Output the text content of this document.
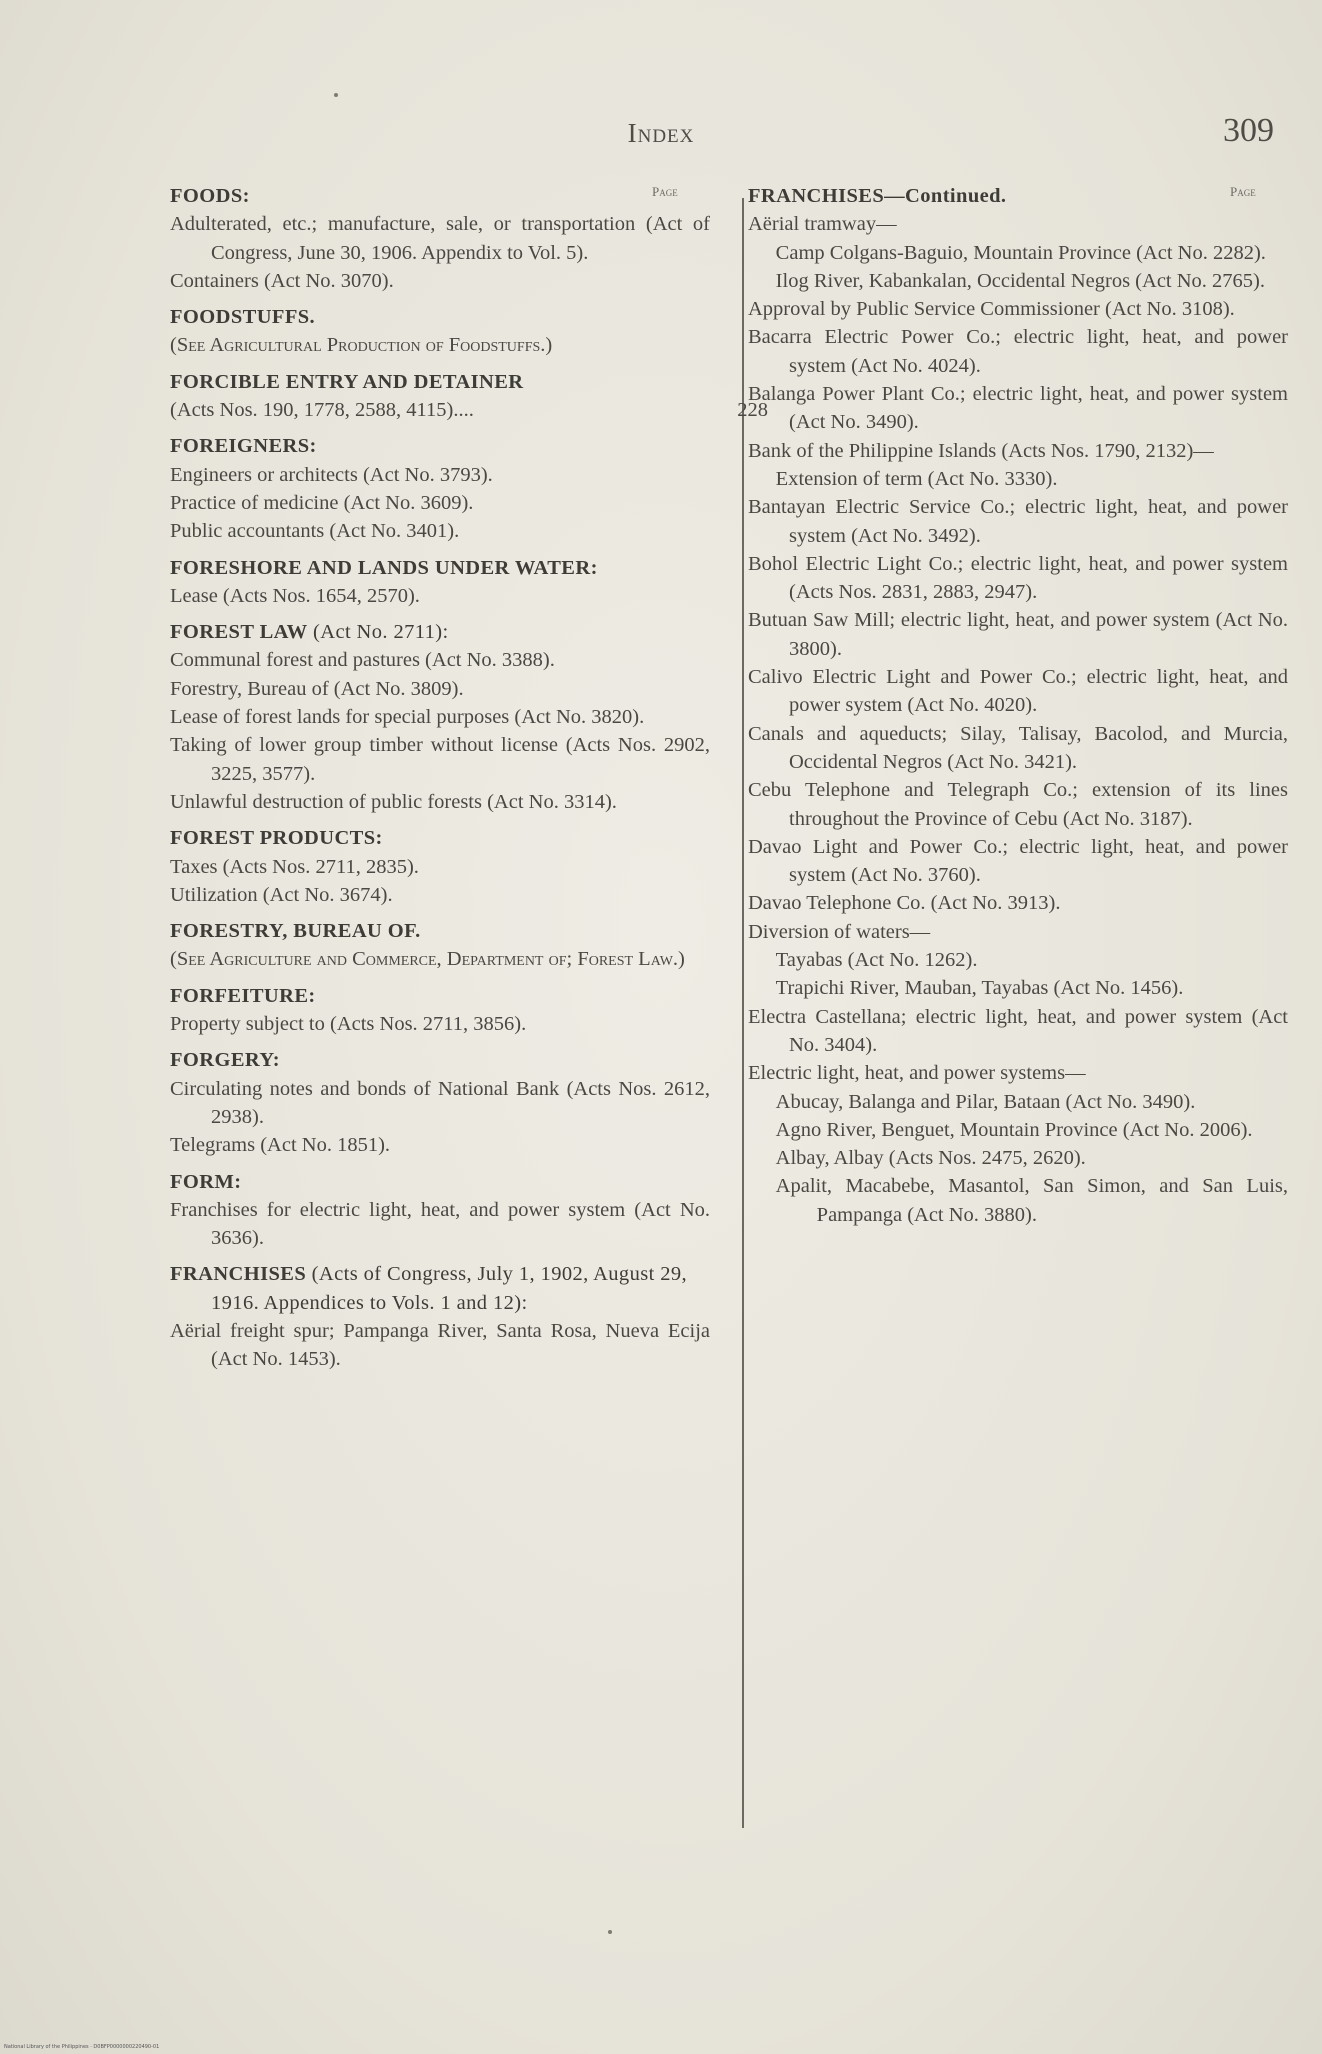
Index	309
Page	Page
FOODS:
Adulterated, etc.; manufacture, sale, or transportation (Act of Congress, June 30, 1906. Appendix to Vol. 5).
Containers (Act No. 3070).
FOODSTUFFS.
(See Agricultural Production of Foodstuffs.)
FORCIBLE ENTRY AND DETAINER
(Acts Nos. 190, 1778, 2588, 4115)....	228
FOREIGNERS:
Engineers or architects (Act No. 3793).
Practice of medicine (Act No. 3609).
Public accountants (Act No. 3401).
FORESHORE AND LANDS UNDER WATER:
Lease (Acts Nos. 1654, 2570).
FOREST LAW (Act No. 2711):
Communal forest and pastures (Act No. 3388).
Forestry, Bureau of (Act No. 3809).
Lease of forest lands for special purposes (Act No. 3820).
Taking of lower group timber without license (Acts Nos. 2902, 3225, 3577).
Unlawful destruction of public forests (Act No. 3314).
FOREST PRODUCTS:
Taxes (Acts Nos. 2711, 2835).
Utilization (Act No. 3674).
FORESTRY, BUREAU OF.
(See Agriculture and Commerce, Department of; Forest Law.)
FORFEITURE:
Property subject to (Acts Nos. 2711, 3856).
FORGERY:
Circulating notes and bonds of National Bank (Acts Nos. 2612, 2938).
Telegrams (Act No. 1851).
FORM:
Franchises for electric light, heat, and power system (Act No. 3636).
FRANCHISES (Acts of Congress, July 1, 1902, August 29, 1916. Appendices to Vols. 1 and 12):
Aërial freight spur; Pampanga River, Santa Rosa, Nueva Ecija (Act No. 1453).
FRANCHISES—Continued.
Aërial tramway—
Camp Colgans-Baguio, Mountain Province (Act No. 2282).
Ilog River, Kabankalan, Occidental Negros (Act No. 2765).
Approval by Public Service Commissioner (Act No. 3108).
Bacarra Electric Power Co.; electric light, heat, and power system (Act No. 4024).
Balanga Power Plant Co.; electric light, heat, and power system (Act No. 3490).
Bank of the Philippine Islands (Acts Nos. 1790, 2132)—
Extension of term (Act No. 3330).
Bantayan Electric Service Co.; electric light, heat, and power system (Act No. 3492).
Bohol Electric Light Co.; electric light, heat, and power system (Acts Nos. 2831, 2883, 2947).
Butuan Saw Mill; electric light, heat, and power system (Act No. 3800).
Calivo Electric Light and Power Co.; electric light, heat, and power system (Act No. 4020).
Canals and aqueducts; Silay, Talisay, Bacolod, and Murcia, Occidental Negros (Act No. 3421).
Cebu Telephone and Telegraph Co.; extension of its lines throughout the Province of Cebu (Act No. 3187).
Davao Light and Power Co.; electric light, heat, and power system (Act No. 3760).
Davao Telephone Co. (Act No. 3913).
Diversion of waters—
Tayabas (Act No. 1262).
Trapichi River, Mauban, Tayabas (Act No. 1456).
Electra Castellana; electric light, heat, and power system (Act No. 3404).
Electric light, heat, and power systems—
Abucay, Balanga and Pilar, Bataan (Act No. 3490).
Agno River, Benguet, Mountain Province (Act No. 2006).
Albay, Albay (Acts Nos. 2475, 2620).
Apalit, Macabebe, Masantol, San Simon, and San Luis, Pampanga (Act No. 3880).
National Library of the Philippines · D0BFP0000000220490-01
